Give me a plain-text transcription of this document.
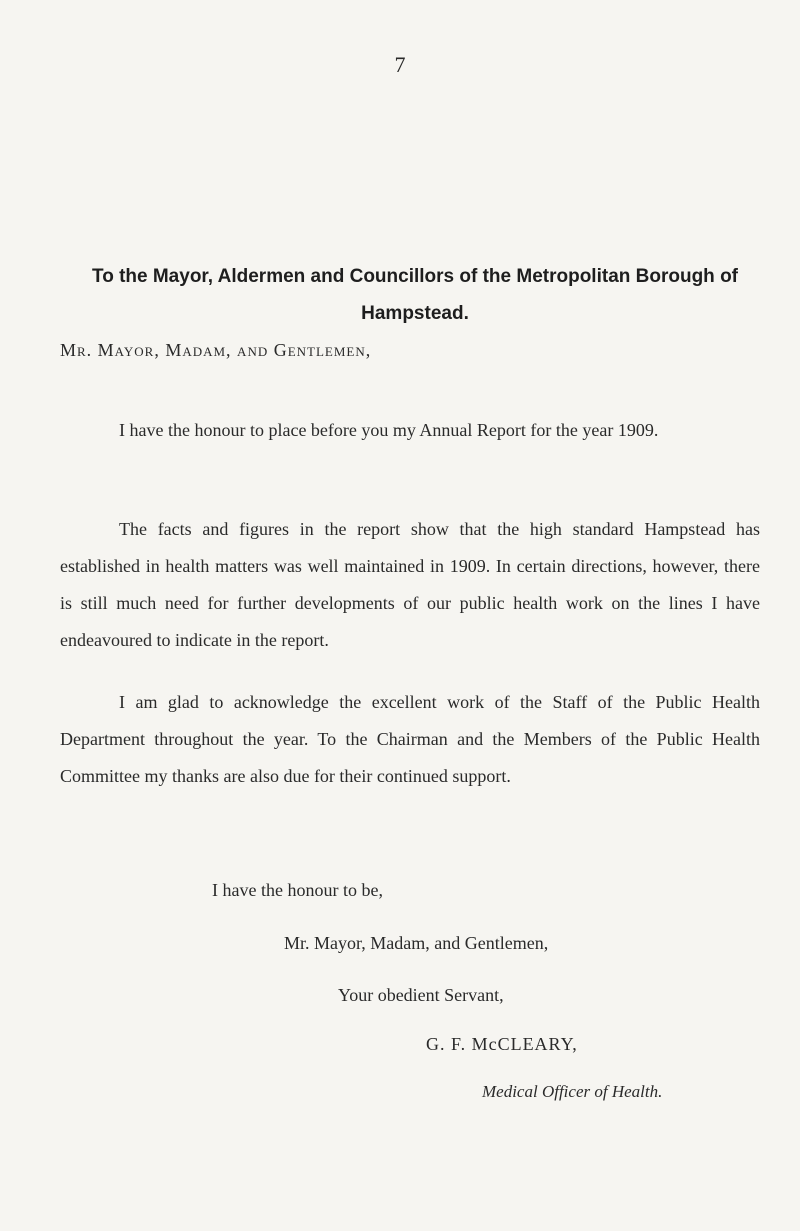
7
To the Mayor, Aldermen and Councillors of the Metropolitan Borough of Hampstead.
Mr. Mayor, Madam, and Gentlemen,

I have the honour to place before you my Annual Report for the year 1909.

The facts and figures in the report show that the high standard Hampstead has established in health matters was well maintained in 1909. In certain directions, however, there is still much need for further developments of our public health work on the lines I have endeavoured to indicate in the report.

I am glad to acknowledge the excellent work of the Staff of the Public Health Department throughout the year. To the Chairman and the Members of the Public Health Committee my thanks are also due for their continued support.

I have the honour to be,
Mr. Mayor, Madam, and Gentlemen,
Your obedient Servant,
G. F. McCLEARY,
Medical Officer of Health.
